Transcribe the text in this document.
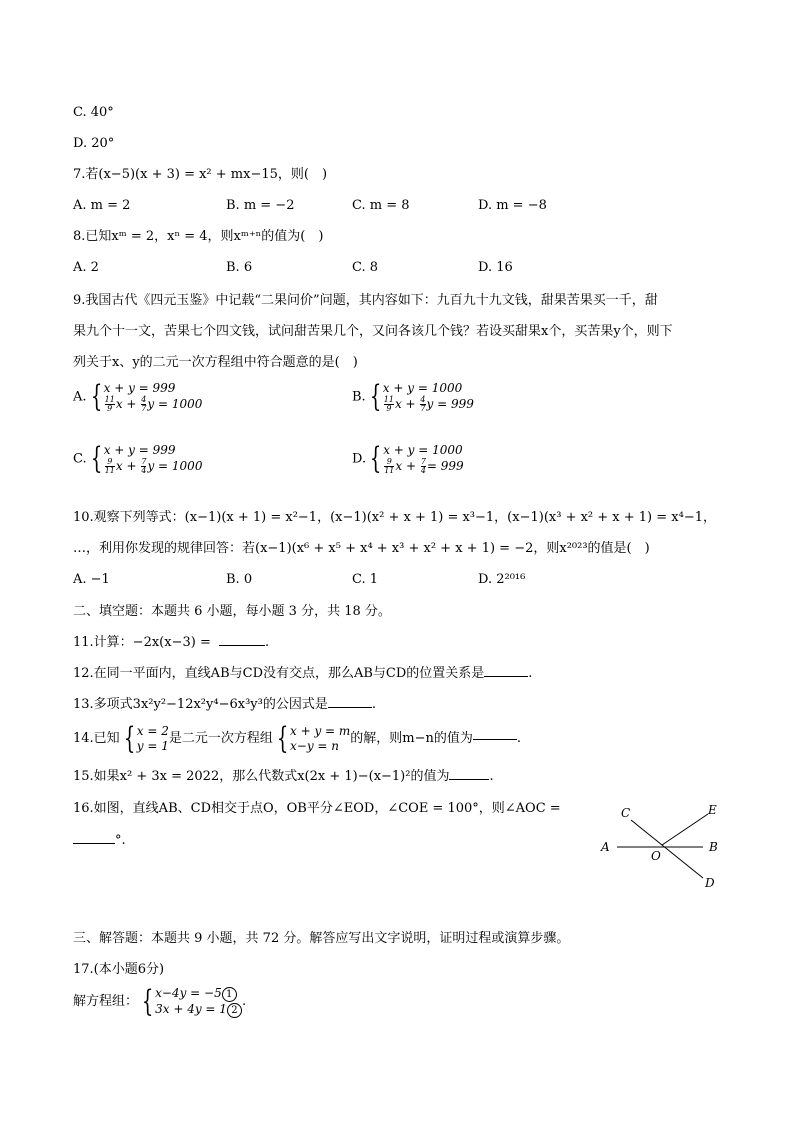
C. 40°
D. 20°
7.若(x−5)(x + 3) = x² + mx−15，则(　)
A. m = 2	B. m = −2	C. m = 8	D. m = −8
8.已知xᵐ = 2，xⁿ = 4，则xᵐ⁺ⁿ的值为(　)
A. 2	B. 6	C. 8	D. 16
9.我国古代《四元玉鉴》中记载“二果问价”问题，其内容如下：九百九十九文钱，甜果苦果买一千，甜
果九个十一文，苦果七个四文钱，试问甜苦果几个，又问各该几个钱？若设买甜果x个，买苦果y个，则下
列关于x、y的二元一次方程组中符合题意的是(　)
A. { x + y = 999

$\frac{11}{9}$ $x + \frac{4}{7}$ y = 1000	B. { x + y = 1000

$\frac{11}{9}$ $x + \frac{4}{7}$ y = 999
C. { x + y = 999

$\frac{9}{11}$ $x + \frac{7}{4}$ y = 1000	D. { x + y = 1000

$\frac{9}{11}$ $x + \frac{7}{4} = 999$
10.观察下列等式：(x−1)(x + 1) = x²−1，(x−1)(x² + x + 1) = x³−1，(x−1)(x³ + x² + x + 1) = x⁴−1，
…，利用你发现的规律回答：若(x−1)(x⁶ + x⁵ + x⁴ + x³ + x² + x + 1) = −2，则x²⁰²³的值是(　)
A. −1	B. 0	C. 1	D. 2²⁰¹⁶
二、填空题：本题共 6 小题，每小题 3 分，共 18 分。
11.计算：−2x(x−3) =	.
12.在同一平面内，直线AB与CD没有交点，那么AB与CD的位置关系是	.
13.多项式3x²y²−12x²y⁴−6x³y³的公因式是	.
14.已知 { x = 2
y = 1是二元一次方程组 { x + y = m
x−y = n 的解，则m−n的值为	.
15.如果x² + 3x = 2022，那么代数式x(2x + 1)−(x−1)²的值为	.
16.如图，直线AB、CD相交于点O，OB平分∠EOD，∠COE = 100°，则∠AOC =
°.
C	E
A	B
O
D
三、解答题：本题共 9 小题，共 72 分。解答应写出文字说明，证明过程或演算步骤。
17.(本小题6分)
解方程组： { x−4y = −5 1
3x + 4y = 1 2.
